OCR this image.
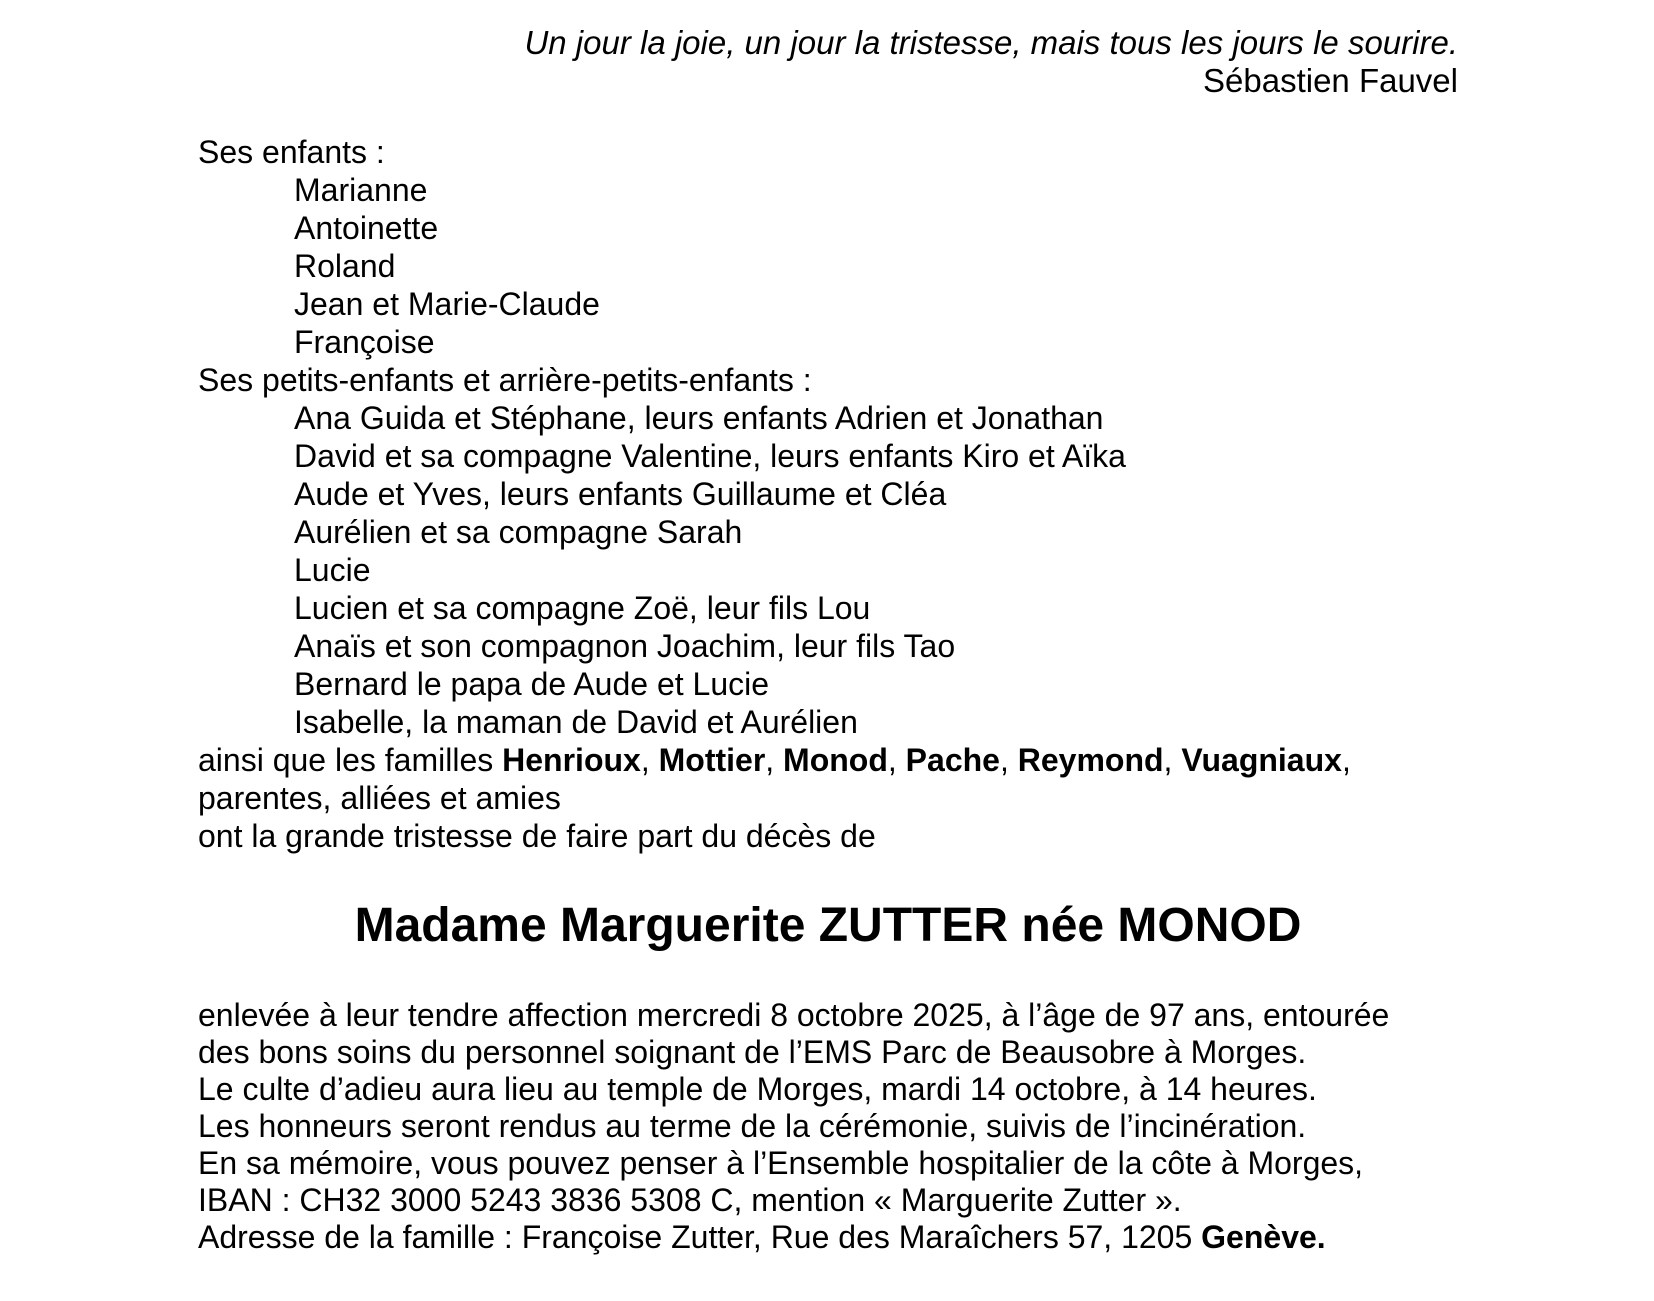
Un jour la joie, un jour la tristesse, mais tous les jours le sourire.
Sébastien Fauvel
Ses enfants :
Marianne
Antoinette
Roland
Jean et Marie-Claude
Françoise
Ses petits-enfants et arrière-petits-enfants :
Ana Guida et Stéphane, leurs enfants Adrien et Jonathan
David et sa compagne Valentine, leurs enfants Kiro et Aïka
Aude et Yves, leurs enfants Guillaume et Cléa
Aurélien et sa compagne Sarah
Lucie
Lucien et sa compagne Zoë, leur fils Lou
Anaïs et son compagnon Joachim, leur fils Tao
Bernard le papa de Aude et Lucie
Isabelle, la maman de David et Aurélien
ainsi que les familles Henrioux, Mottier, Monod, Pache, Reymond, Vuagniaux,
parentes, alliées et amies
ont la grande tristesse de faire part du décès de
Madame Marguerite ZUTTER née MONOD
enlevée à leur tendre affection mercredi 8 octobre 2025, à l’âge de 97 ans, entourée
des bons soins du personnel soignant de l’EMS Parc de Beausobre à Morges.
Le culte d’adieu aura lieu au temple de Morges, mardi 14 octobre, à 14 heures.
Les honneurs seront rendus au terme de la cérémonie, suivis de l’incinération.
En sa mémoire, vous pouvez penser à l’Ensemble hospitalier de la côte à Morges,
IBAN : CH32 3000 5243 3836 5308 C, mention « Marguerite Zutter ».
Adresse de la famille : Françoise Zutter, Rue des Maraîchers 57, 1205 Genève.
